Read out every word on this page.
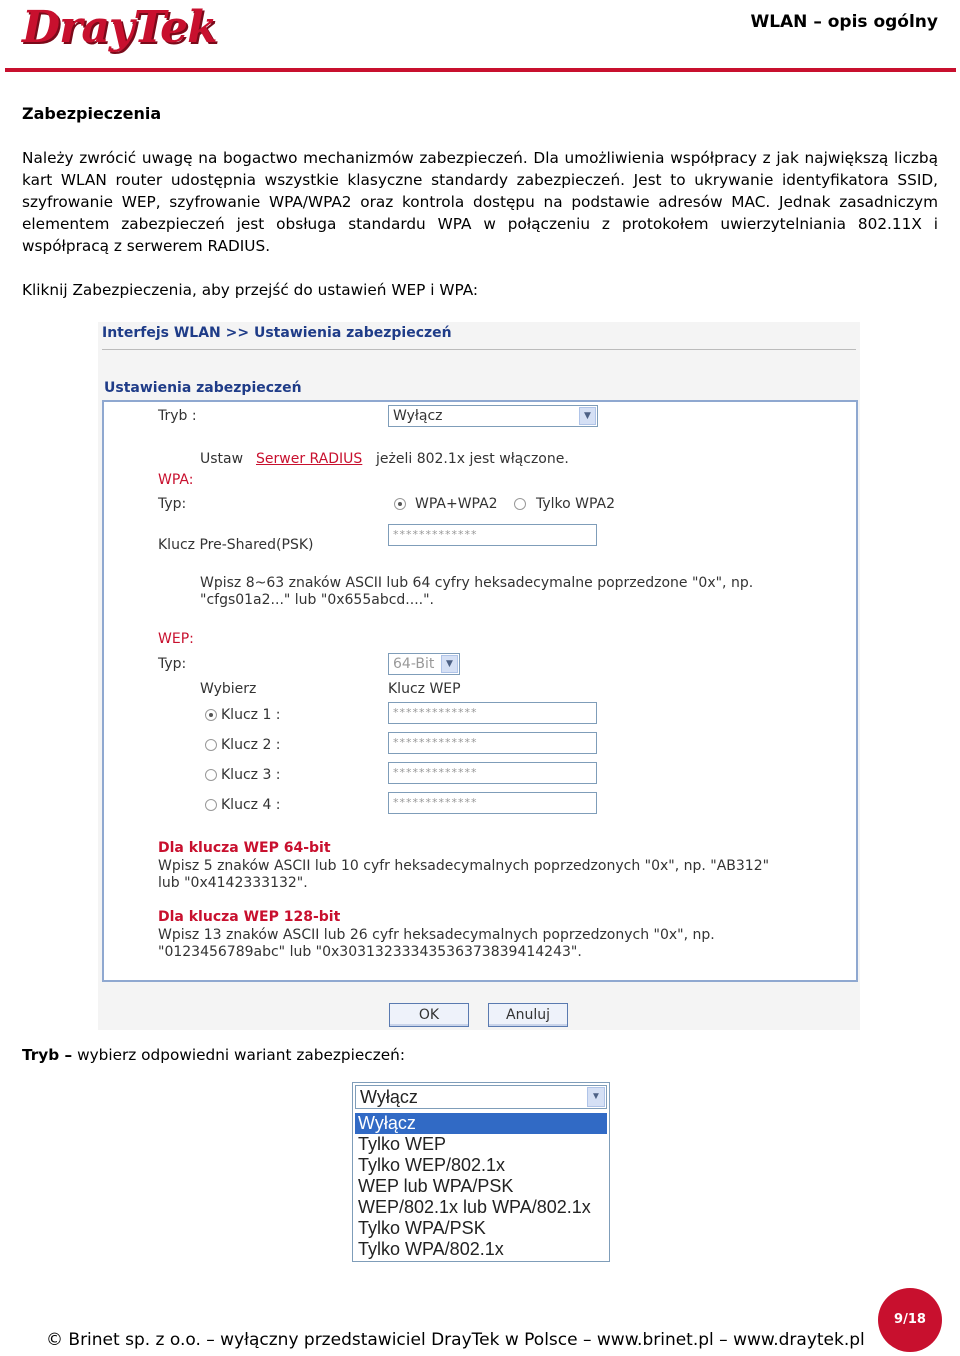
DrayTek	WLAN – opis ogólny
Zabezpieczenia
Należy zwrócić uwagę na bogactwo mechanizmów zabezpieczeń. Dla umożliwienia współpracy z jak największą liczbą kart WLAN router udostępnia wszystkie klasyczne standardy zabezpieczeń. Jest to ukrywanie identyfikatora SSID, szyfrowanie WEP, szyfrowanie WPA/WPA2 oraz kontrola dostępu na podstawie adresów MAC. Jednak zasadniczym elementem zabezpieczeń jest obsługa standardu WPA w połączeniu z protokołem uwierzytelniania 802.11X i współpracą z serwerem RADIUS.
Kliknij Zabezpieczenia, aby przejść do ustawień WEP i WPA:
Interfejs WLAN >> Ustawienia zabezpieczeń
Ustawienia zabezpieczeń
Tryb :	Wyłącz	▼
Ustaw Serwer RADIUS jeżeli 802.1x jest włączone.
WPA:
Typ:	WPA+WPA2	Tylko WPA2
Klucz Pre-Shared(PSK)
*************
Wpisz 8~63 znaków ASCII lub 64 cyfry heksadecymalne poprzedzone "0x", np.
"cfgs01a2..." lub "0x655abcd....".
WEP:
Typ:	64-Bit	▼
Wybierz	Klucz WEP
Klucz 1 :	*************
Klucz 2 :	*************
Klucz 3 :	*************
Klucz 4 :	*************
Dla klucza WEP 64-bit
Wpisz 5 znaków ASCII lub 10 cyfr heksadecymalnych poprzedzonych "0x", np. "AB312"
lub "0x4142333132".
Dla klucza WEP 128-bit
Wpisz 13 znaków ASCII lub 26 cyfr heksadecymalnych poprzedzonych "0x", np.
"0123456789abc" lub "0x30313233343536373839414243".
OK	Anuluj
Tryb – wybierz odpowiedni wariant zabezpieczeń:
Wyłącz	▼
Wyłącz
Tylko WEP
Tylko WEP/802.1x
WEP lub WPA/PSK
WEP/802.1x lub WPA/802.1x
Tylko WPA/PSK
Tylko WPA/802.1x
© Brinet sp. z o.o. – wyłączny przedstawiciel DrayTek w Polsce – www.brinet.pl – www.draytek.pl
9/18
